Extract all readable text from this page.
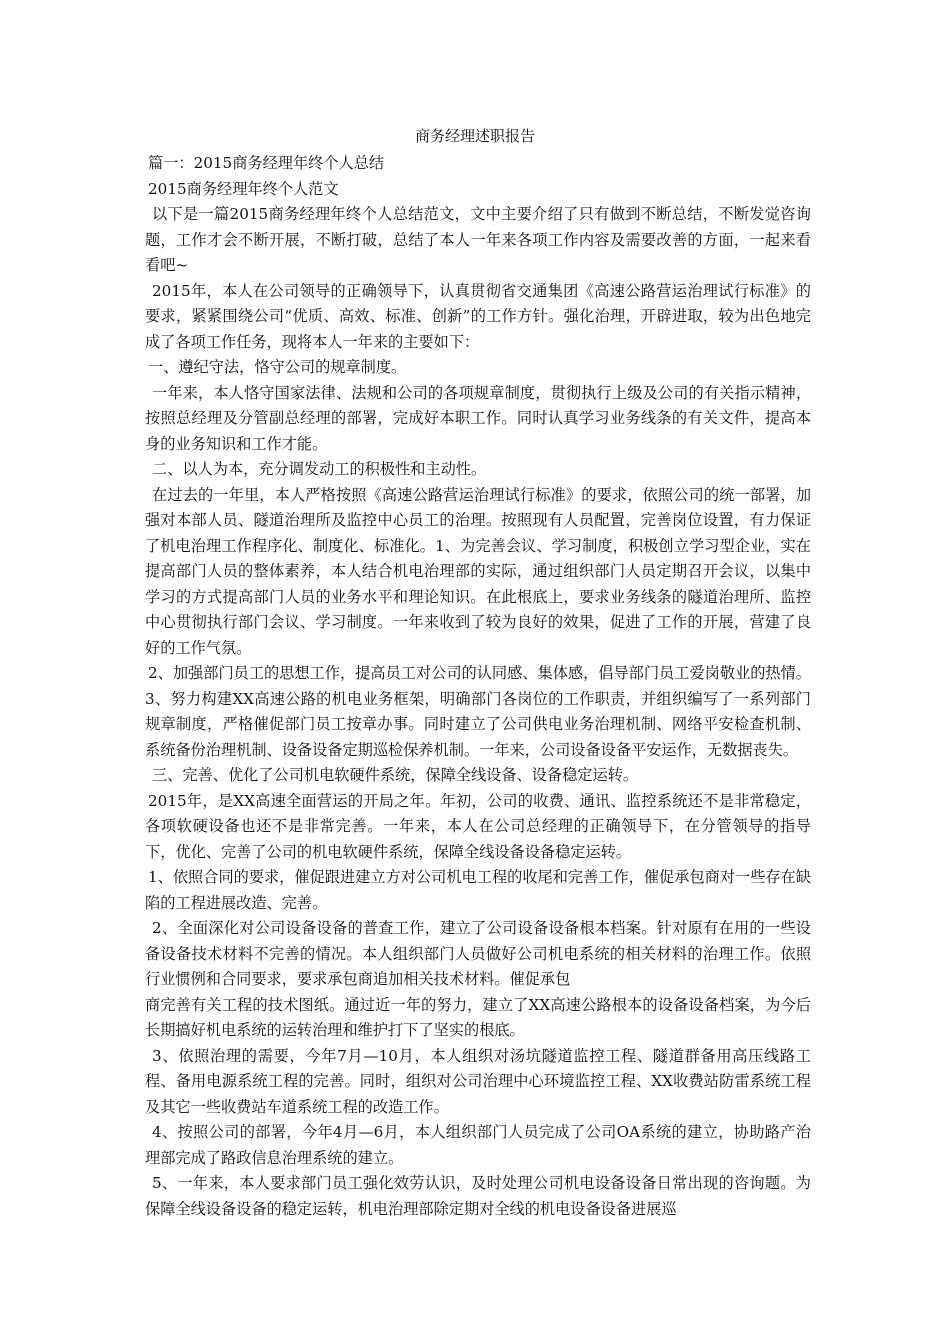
商务经理述职报告

篇一：2015商务经理年终个人总结

2015商务经理年终个人范文

以下是一篇2015商务经理年终个人总结范文，文中主要介绍了只有做到不断总结，不断发觉咨询题，工作才会不断开展，不断打破，总结了本人一年来各项工作内容及需要改善的方面，一起来看看吧~

2015年，本人在公司领导的正确领导下，认真贯彻省交通集团《高速公路营运治理试行标准》的要求，紧紧围绕公司“优质、高效、标准、创新”的工作方针。强化治理，开辟进取，较为出色地完成了各项工作任务，现将本人一年来的主要如下：

一、遵纪守法，恪守公司的规章制度。

一年来，本人恪守国家法律、法规和公司的各项规章制度，贯彻执行上级及公司的有关指示精神，按照总经理及分管副总经理的部署，完成好本职工作。同时认真学习业务线条的有关文件，提高本身的业务知识和工作才能。

二、以人为本，充分调发动工的积极性和主动性。

在过去的一年里，本人严格按照《高速公路营运治理试行标准》的要求，依照公司的统一部署，加强对本部人员、隧道治理所及监控中心员工的治理。按照现有人员配置，完善岗位设置，有力保证了机电治理工作程序化、制度化、标准化。1、为完善会议、学习制度，积极创立学习型企业，实在提高部门人员的整体素养，本人结合机电治理部的实际，通过组织部门人员定期召开会议，以集中学习的方式提高部门人员的业务水平和理论知识。在此根底上，要求业务线条的隧道治理所、监控中心贯彻执行部门会议、学习制度。一年来收到了较为良好的效果，促进了工作的开展，营建了良好的工作气氛。

2、加强部门员工的思想工作，提高员工对公司的认同感、集体感，倡导部门员工爱岗敬业的热情。3、努力构建XX高速公路的机电业务框架，明确部门各岗位的工作职责，并组织编写了一系列部门规章制度，严格催促部门员工按章办事。同时建立了公司供电业务治理机制、网络平安检查机制、系统备份治理机制、设备设备定期巡检保养机制。一年来，公司设备设备平安运作，无数据丧失。

三、完善、优化了公司机电软硬件系统，保障全线设备、设备稳定运转。

2015年，是XX高速全面营运的开局之年。年初，公司的收费、通讯、监控系统还不是非常稳定，各项软硬设备也还不是非常完善。一年来，本人在公司总经理的正确领导下，在分管领导的指导下，优化、完善了公司的机电软硬件系统，保障全线设备设备稳定运转。

1、依照合同的要求，催促跟进建立方对公司机电工程的收尾和完善工作，催促承包商对一些存在缺陷的工程进展改造、完善。

2、全面深化对公司设备设备的普查工作，建立了公司设备设备根本档案。针对原有在用的一些设备设备技术材料不完善的情况。本人组织部门人员做好公司机电系统的相关材料的治理工作。依照行业惯例和合同要求，要求承包商追加相关技术材料。催促承包

商完善有关工程的技术图纸。通过近一年的努力，建立了XX高速公路根本的设备设备档案，为今后长期搞好机电系统的运转治理和维护打下了坚实的根底。

3、依照治理的需要，今年7月—10月，本人组织对汤坑隧道监控工程、隧道群备用高压线路工程、备用电源系统工程的完善。同时，组织对公司治理中心环境监控工程、XX收费站防雷系统工程及其它一些收费站车道系统工程的改造工作。

4、按照公司的部署，今年4月—6月，本人组织部门人员完成了公司OA系统的建立，协助路产治理部完成了路政信息治理系统的建立。

5、一年来，本人要求部门员工强化效劳认识，及时处理公司机电设备设备日常出现的咨询题。为保障全线设备设备的稳定运转，机电治理部除定期对全线的机电设备设备进展巡
